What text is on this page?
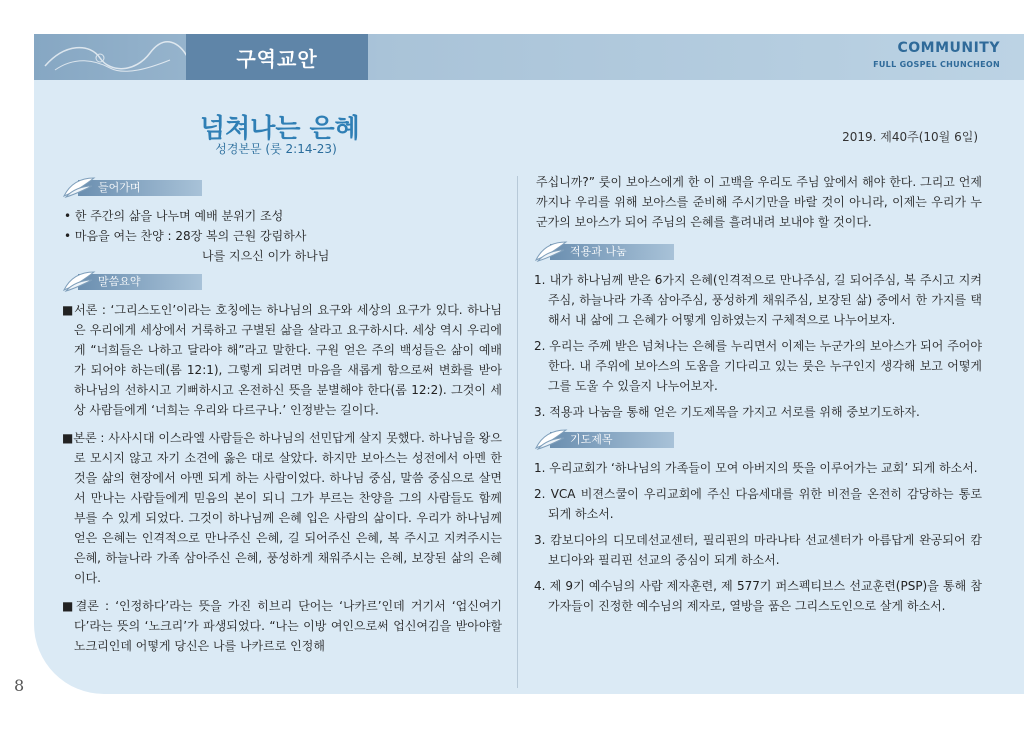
구역교안	COMMUNITY
FULL GOSPEL CHUNCHEON
넘쳐나는 은혜
성경본문 (룻 2:14-23)
2019. 제40주(10월 6일)
들어가며
• 한 주간의 삶을 나누며 예배 분위기 조성
• 마음을 여는 찬양 : 28장 복의 근원 강림하사
나를 지으신 이가 하나님
말씀요약
■서론 : ‘그리스도인’이라는 호칭에는 하나님의 요구와 세상의 요구가 있다. 하나님은 우리에게 세상에서 거룩하고 구별된 삶을 살라고 요구하시다. 세상 역시 우리에게 “너희들은 나하고 달라야 해”라고 말한다. 구원 얻은 주의 백성들은 삶이 예배가 되어야 하는데(롬 12:1), 그렇게 되려면 마음을 새롭게 함으로써 변화를 받아 하나님의 선하시고 기뻐하시고 온전하신 뜻을 분별해야 한다(롬 12:2). 그것이 세상 사람들에게 ‘너희는 우리와 다르구나.’ 인정받는 길이다.
■본론 : 사사시대 이스라엘 사람들은 하나님의 선민답게 살지 못했다. 하나님을 왕으로 모시지 않고 자기 소견에 옳은 대로 살았다. 하지만 보아스는 성전에서 아멘 한 것을 삶의 현장에서 아멘 되게 하는 사람이었다. 하나님 중심, 말씀 중심으로 살면서 만나는 사람들에게 믿음의 본이 되니 그가 부르는 찬양을 그의 사람들도 함께 부를 수 있게 되었다. 그것이 하나님께 은혜 입은 사람의 삶이다. 우리가 하나님께 얻은 은혜는 인격적으로 만나주신 은혜, 길 되어주신 은혜, 복 주시고 지켜주시는 은혜, 하늘나라 가족 삼아주신 은혜, 풍성하게 채워주시는 은혜, 보장된 삶의 은혜이다.
■결론 : ‘인정하다’라는 뜻을 가진 히브리 단어는 ‘나카르’인데 거기서 ‘업신여기다’라는 뜻의 ‘노크리’가 파생되었다. “나는 이방 여인으로써 업신여김을 받아야할 노크리인데 어떻게 당신은 나를 나카르로 인정해
주십니까?” 룻이 보아스에게 한 이 고백을 우리도 주님 앞에서 해야 한다. 그리고 언제까지나 우리를 위해 보아스를 준비해 주시기만을 바랄 것이 아니라, 이제는 우리가 누군가의 보아스가 되어 주님의 은혜를 흘려내려 보내야 할 것이다.
적용과 나눔
1. 내가 하나님께 받은 6가지 은혜(인격적으로 만나주심, 길 되어주심, 복 주시고 지켜주심, 하늘나라 가족 삼아주심, 풍성하게 채워주심, 보장된 삶) 중에서 한 가지를 택해서 내 삶에 그 은혜가 어떻게 임하였는지 구체적으로 나누어보자.
2. 우리는 주께 받은 넘쳐나는 은혜를 누리면서 이제는 누군가의 보아스가 되어 주어야 한다. 내 주위에 보아스의 도움을 기다리고 있는 룻은 누구인지 생각해 보고 어떻게 그를 도울 수 있을지 나누어보자.
3. 적용과 나눔을 통해 얻은 기도제목을 가지고 서로를 위해 중보기도하자.
기도제목
1. 우리교회가 ‘하나님의 가족들이 모여 아버지의 뜻을 이루어가는 교회’ 되게 하소서.
2. VCA 비젼스쿨이 우리교회에 주신 다음세대를 위한 비전을 온전히 감당하는 통로 되게 하소서.
3. 캄보디아의 디모데선교센터, 필리핀의 마라나타 선교센터가 아름답게 완공되어 캄보디아와 필리핀 선교의 중심이 되게 하소서.
4. 제 9기 예수님의 사람 제자훈련, 제 577기 퍼스펙티브스 선교훈련(PSP)을 통해 참가자들이 진정한 예수님의 제자로, 열방을 품은 그리스도인으로 살게 하소서.
8
